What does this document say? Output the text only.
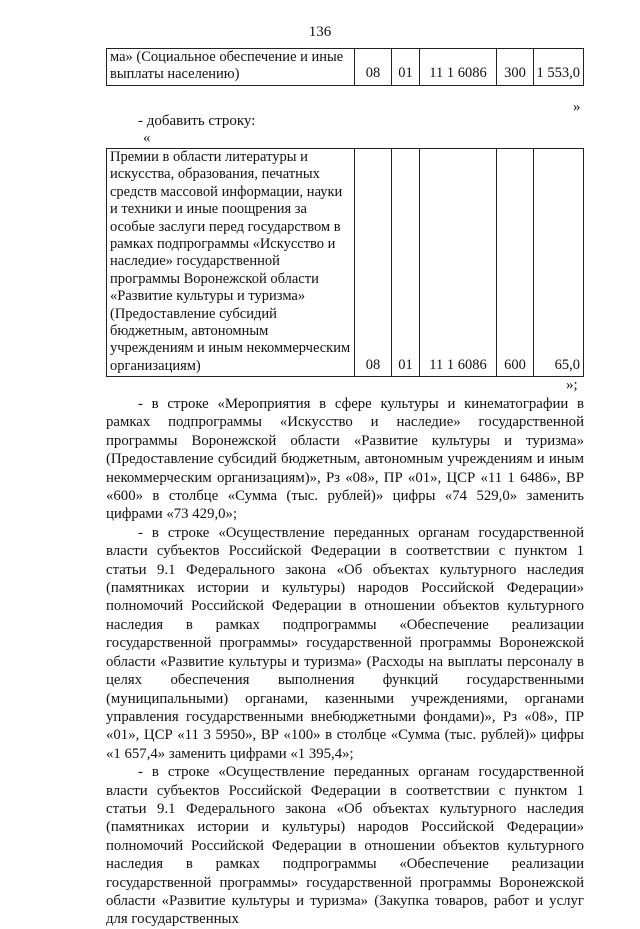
136
ма» (Социальное обеспечение и иные выплаты населению)	08	01	11 1 6086	300	1 553,0
»
- добавить строку:
«
Премии в области литературы и искусства, образования, печатных средств массовой информации, науки и техники и иные поощрения за особые заслуги перед государством в рамках подпрограммы «Искусство и наследие» государственной программы Воронежской области «Развитие культуры и туризма» (Предоставление субсидий бюджетным, автономным учреждениям и иным некоммерческим организациям)	08	01	11 1 6086	600	65,0
»;

- в строке «Мероприятия в сфере культуры и кинематографии в рамках подпрограммы «Искусство и наследие» государственной программы Воронежской области «Развитие культуры и туризма» (Предоставление субсидий бюджетным, автономным учреждениям и иным некоммерческим организациям)», Рз «08», ПР «01», ЦСР «11 1 6486», ВР «600» в столбце «Сумма (тыс. рублей)» цифры «74 529,0» заменить цифрами «73 429,0»;

- в строке «Осуществление переданных органам государственной власти субъектов Российской Федерации в соответствии с пунктом 1 статьи 9.1 Федерального закона «Об объектах культурного наследия (памятниках истории и культуры) народов Российской Федерации» полномочий Российской Федерации в отношении объектов культурного наследия в рамках подпрограммы «Обеспечение реализации государственной программы» государственной программы Воронежской области «Развитие культуры и туризма» (Расходы на выплаты персоналу в целях обеспечения выполнения функций государственными (муниципальными) органами, казенными учреждениями, органами управления государственными внебюджетными фондами)», Рз «08», ПР «01», ЦСР «11 3 5950», ВР «100» в столбце «Сумма (тыс. рублей)» цифры «1 657,4» заменить цифрами «1 395,4»;

- в строке «Осуществление переданных органам государственной власти субъектов Российской Федерации в соответствии с пунктом 1 статьи 9.1 Федерального закона «Об объектах культурного наследия (памятниках истории и культуры) народов Российской Федерации» полномочий Российской Федерации в отношении объектов культурного наследия в рамках подпрограммы «Обеспечение реализации государственной программы» государственной программы Воронежской области «Развитие культуры и туризма» (Закупка товаров, работ и услуг для государственных
